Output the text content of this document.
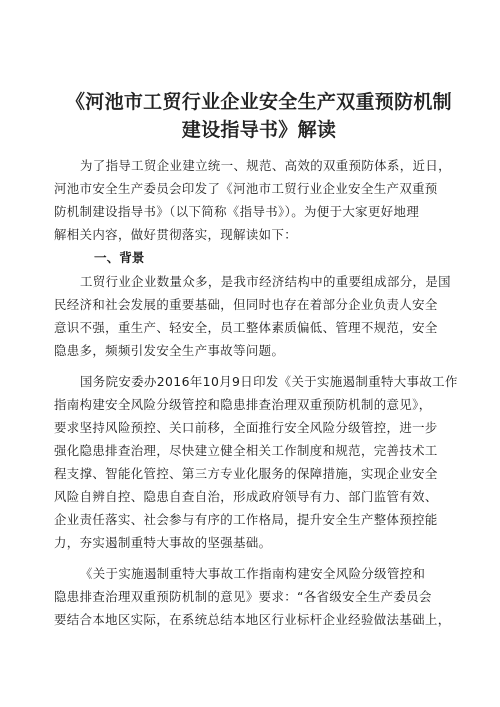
《河池市工贸行业企业安全生产双重预防机制
建设指导书》解读

为了指导工贸企业建立统一、规范、高效的双重预防体系，近日，
河池市安全生产委员会印发了《河池市工贸行业企业安全生产双重预
防机制建设指导书》（以下简称《指导书》）。为便于大家更好地理
解相关内容，做好贯彻落实，现解读如下：

一、背景

工贸行业企业数量众多，是我市经济结构中的重要组成部分，是国
民经济和社会发展的重要基础，但同时也存在着部分企业负责人安全
意识不强，重生产、轻安全，员工整体素质偏低、管理不规范，安全
隐患多，频频引发安全生产事故等问题。

国务院安委办2016年10月9日印发《关于实施遏制重特大事故工作
指南构建安全风险分级管控和隐患排查治理双重预防机制的意见》，
要求坚持风险预控、关口前移，全面推行安全风险分级管控，进一步
强化隐患排查治理，尽快建立健全相关工作制度和规范，完善技术工
程支撑、智能化管控、第三方专业化服务的保障措施，实现企业安全
风险自辨自控、隐患自查自治，形成政府领导有力、部门监管有效、
企业责任落实、社会参与有序的工作格局，提升安全生产整体预控能
力，夯实遏制重特大事故的坚强基础。

《关于实施遏制重特大事故工作指南构建安全风险分级管控和
隐患排查治理双重预防机制的意见》要求：“各省级安全生产委员会
要结合本地区实际，在系统总结本地区行业标杆企业经验做法基础上，
